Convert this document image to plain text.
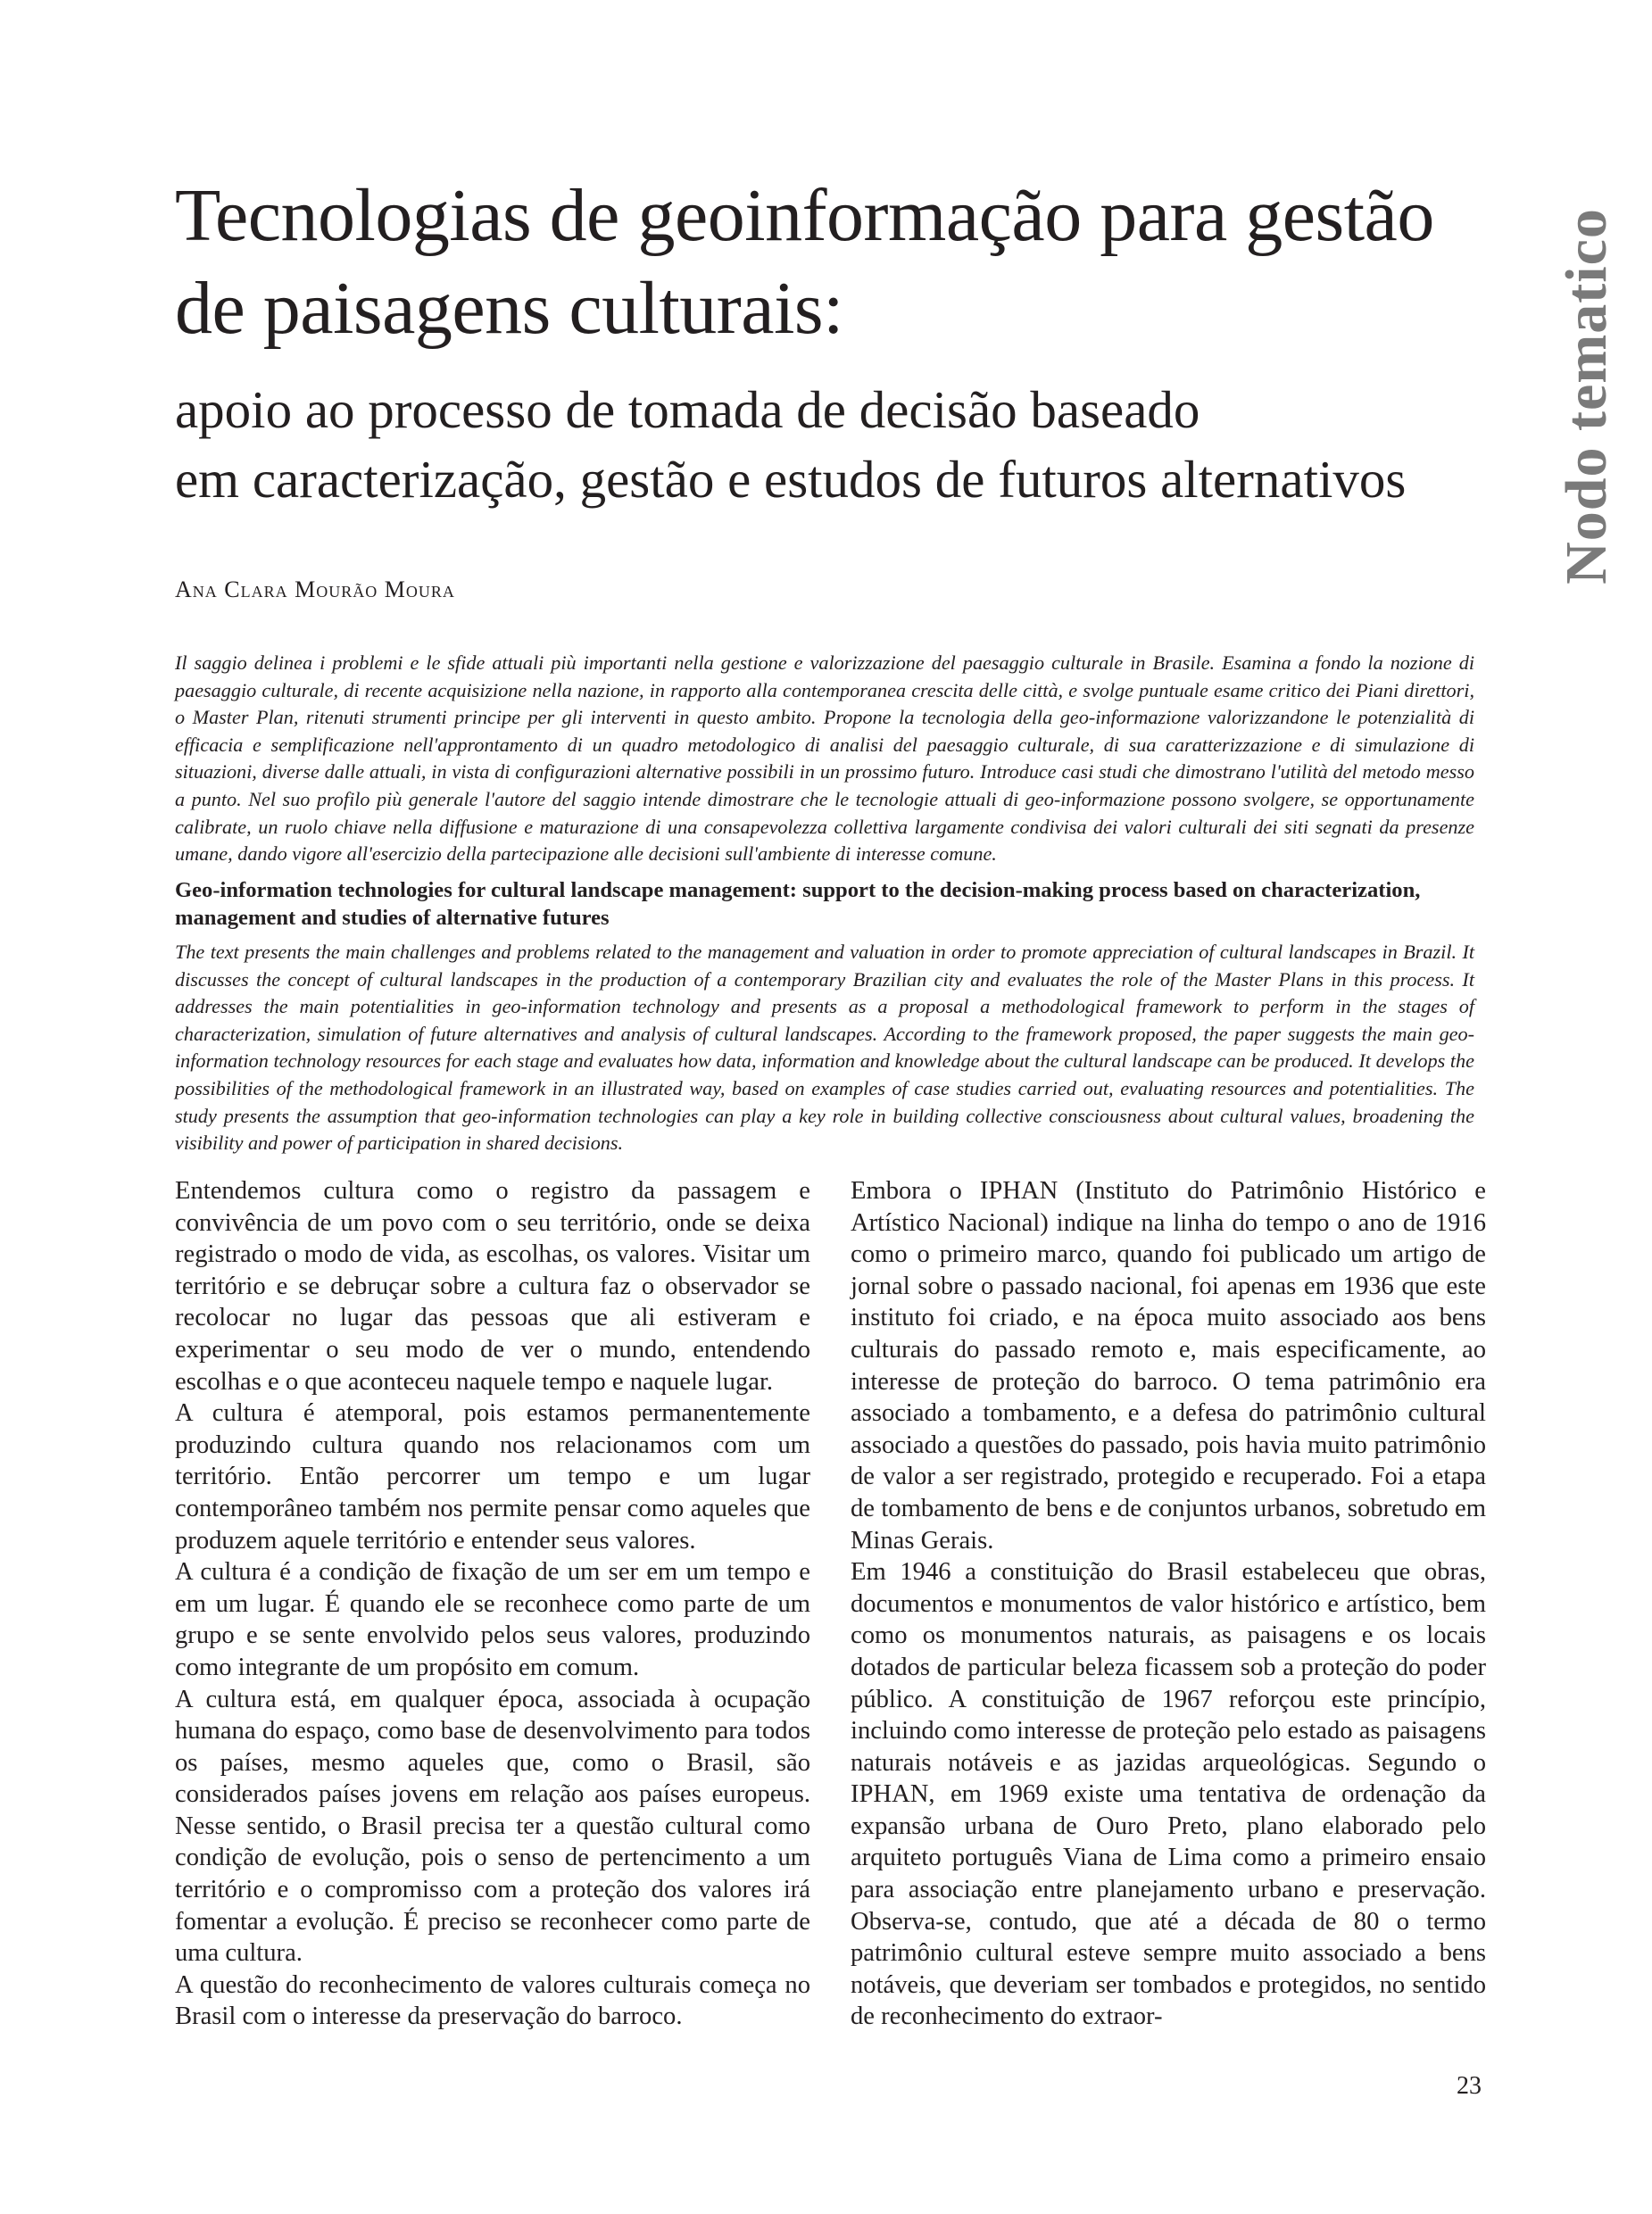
Tecnologias de geoinformação para gestão
de paisagens culturais:
apoio ao processo de tomada de decisão baseado
em caracterização, gestão e estudos de futuros alternativos	Nodo tematico

Ana Clara Mourão Moura

Il saggio delinea i problemi e le sfide attuali più importanti nella gestione e valorizzazione del paesaggio culturale in Brasile. Esamina a fondo la nozione di paesaggio culturale, di recente acquisizione nella nazione, in rapporto alla contemporanea crescita delle città, e svolge puntuale esame critico dei Piani direttori, o Master Plan, ritenuti strumenti principe per gli interventi in questo ambito. Propone la tecnologia della geo-informazione valorizzandone le potenzialità di efficacia e semplificazione nell'approntamento di un quadro metodologico di analisi del paesaggio culturale, di sua caratterizzazione e di simulazione di situazioni, diverse dalle attuali, in vista di configurazioni alternative possibili in un prossimo futuro. Introduce casi studi che dimostrano l'utilità del metodo messo a punto. Nel suo profilo più generale l'autore del saggio intende dimostrare che le tecnologie attuali di geo-informazione possono svolgere, se opportunamente calibrate, un ruolo chiave nella diffusione e maturazione di una consapevolezza collettiva largamente condivisa dei valori culturali dei siti segnati da presenze umane, dando vigore all'esercizio della partecipazione alle decisioni sull'ambiente di interesse comune.

Geo-information technologies for cultural landscape management: support to the decision-making process based on characterization, management and studies of alternative futures

The text presents the main challenges and problems related to the management and valuation in order to promote appreciation of cultural landscapes in Brazil. It discusses the concept of cultural landscapes in the production of a contemporary Brazilian city and evaluates the role of the Master Plans in this process. It addresses the main potentialities in geo-information technology and presents as a proposal a methodological framework to perform in the stages of characterization, simulation of future alternatives and analysis of cultural landscapes. According to the framework proposed, the paper suggests the main geo-information technology resources for each stage and evaluates how data, information and knowledge about the cultural landscape can be produced. It develops the possibilities of the methodological framework in an illustrated way, based on examples of case studies carried out, evaluating resources and potentialities. The study presents the assumption that geo-information technologies can play a key role in building collective consciousness about cultural values, broadening the visibility and power of participation in shared decisions.

Entendemos cultura como o registro da passagem e convivência de um povo com o seu território, onde se deixa registrado o modo de vida, as escolhas, os valores. Visitar um território e se debruçar sobre a cultura faz o observador se recolocar no lugar das pessoas que ali estiveram e experimentar o seu modo de ver o mundo, entendendo escolhas e o que aconteceu naquele tempo e naquele lugar.

A cultura é atemporal, pois estamos permanentemente produzindo cultura quando nos relacionamos com um território. Então percorrer um tempo e um lugar contemporâneo também nos permite pensar como aqueles que produzem aquele território e entender seus valores.

A cultura é a condição de fixação de um ser em um tempo e em um lugar. É quando ele se reconhece como parte de um grupo e se sente envolvido pelos seus valores, produzindo como integrante de um propósito em comum.

A cultura está, em qualquer época, associada à ocupação humana do espaço, como base de desenvolvimento para todos os países, mesmo aqueles que, como o Brasil, são considerados países jovens em relação aos países europeus. Nesse sentido, o Brasil precisa ter a questão cultural como condição de evolução, pois o senso de pertencimento a um território e o compromisso com a proteção dos valores irá fomentar a evolução. É preciso se reconhecer como parte de uma cultura.

A questão do reconhecimento de valores culturais começa no Brasil com o interesse da preservação do barroco.

Embora o IPHAN (Instituto do Patrimônio Histórico e Artístico Nacional) indique na linha do tempo o ano de 1916 como o primeiro marco, quando foi publicado um artigo de jornal sobre o passado nacional, foi apenas em 1936 que este instituto foi criado, e na época muito associado aos bens culturais do passado remoto e, mais especificamente, ao interesse de proteção do barroco. O tema patrimônio era associado a tombamento, e a defesa do patrimônio cultural associado a questões do passado, pois havia muito patrimônio de valor a ser registrado, protegido e recuperado. Foi a etapa de tombamento de bens e de conjuntos urbanos, sobretudo em Minas Gerais.

Em 1946 a constituição do Brasil estabeleceu que obras, documentos e monumentos de valor histórico e artístico, bem como os monumentos naturais, as paisagens e os locais dotados de particular beleza ficassem sob a proteção do poder público. A constituição de 1967 reforçou este princípio, incluindo como interesse de proteção pelo estado as paisagens naturais notáveis e as jazidas arqueológicas. Segundo o IPHAN, em 1969 existe uma tentativa de ordenação da expansão urbana de Ouro Preto, plano elaborado pelo arquiteto português Viana de Lima como a primeiro ensaio para associação entre planejamento urbano e preservação. Observa-se, contudo, que até a década de 80 o termo patrimônio cultural esteve sempre muito associado a bens notáveis, que deveriam ser tombados e protegidos, no sentido de reconhecimento do extraor-

23
